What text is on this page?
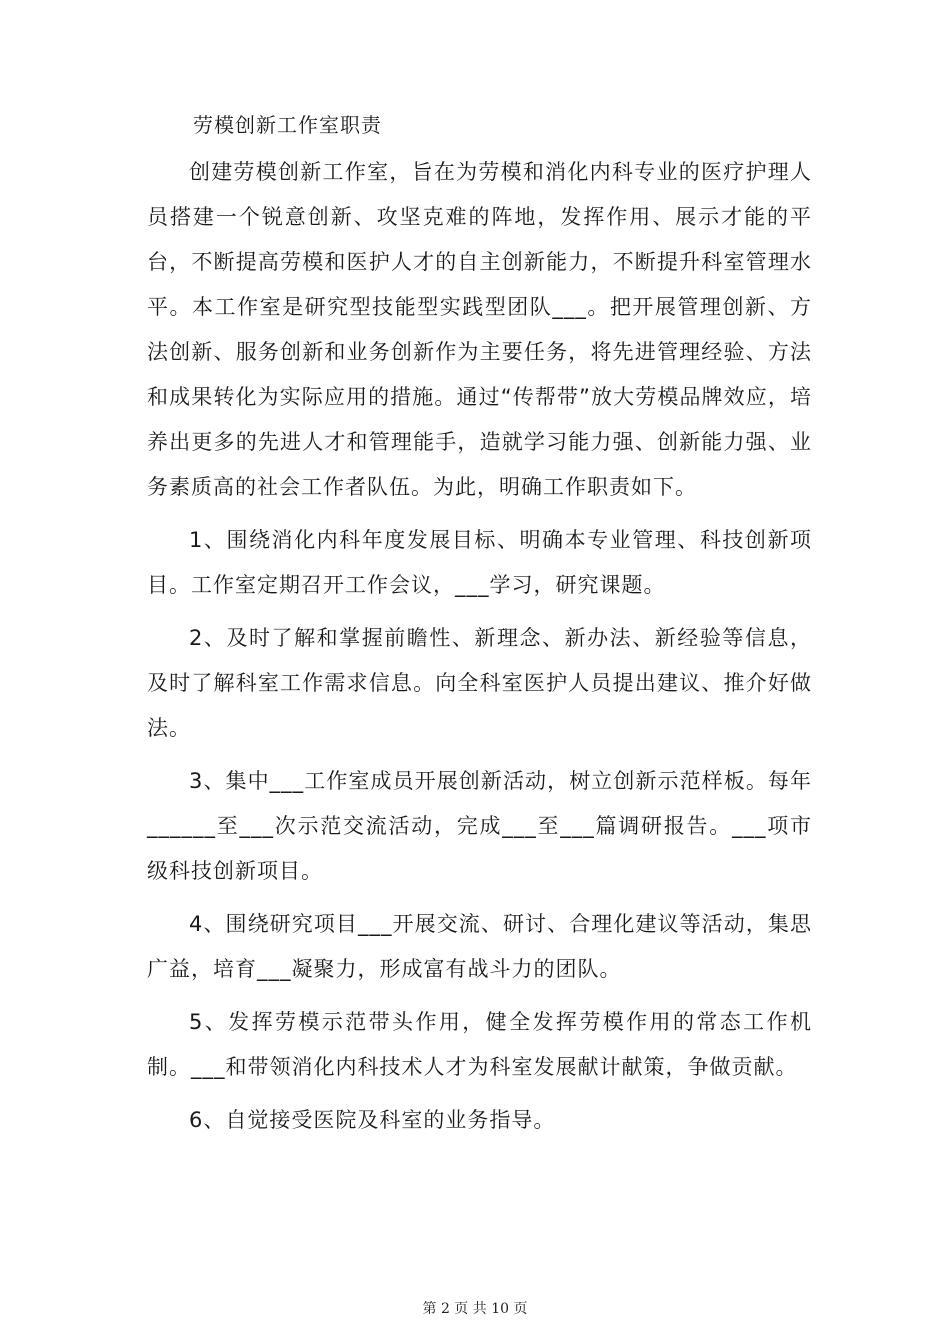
劳模创新工作室职责

创建劳模创新工作室，旨在为劳模和消化内科专业的医疗护理人员搭建一个锐意创新、攻坚克难的阵地，发挥作用、展示才能的平台，不断提高劳模和医护人才的自主创新能力，不断提升科室管理水平。本工作室是研究型技能型实践型团队___。把开展管理创新、方法创新、服务创新和业务创新作为主要任务，将先进管理经验、方法和成果转化为实际应用的措施。通过“传帮带”放大劳模品牌效应，培养出更多的先进人才和管理能手，造就学习能力强、创新能力强、业务素质高的社会工作者队伍。为此，明确工作职责如下。

1、围绕消化内科年度发展目标、明确本专业管理、科技创新项目。工作室定期召开工作会议，___学习，研究课题。

2、及时了解和掌握前瞻性、新理念、新办法、新经验等信息，及时了解科室工作需求信息。向全科室医护人员提出建议、推介好做法。

3、集中___工作室成员开展创新活动，树立创新示范样板。每年______至___次示范交流活动，完成___至___篇调研报告。___项市级科技创新项目。

4、围绕研究项目___开展交流、研讨、合理化建议等活动，集思广益，培育___凝聚力，形成富有战斗力的团队。

5、发挥劳模示范带头作用，健全发挥劳模作用的常态工作机制。___和带领消化内科技术人才为科室发展献计献策，争做贡献。

6、自觉接受医院及科室的业务指导。

第 2 页 共 10 页
